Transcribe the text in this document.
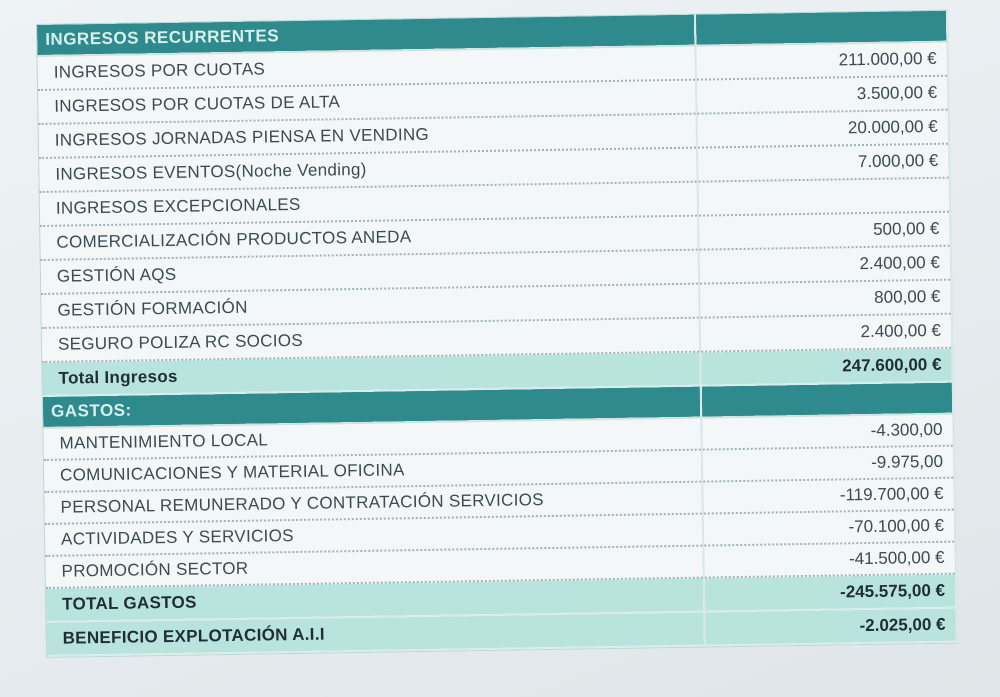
INGRESOS RECURRENTES	
INGRESOS POR CUOTAS	211.000,00 €
INGRESOS POR CUOTAS DE ALTA	3.500,00 €
INGRESOS JORNADAS PIENSA EN VENDING	20.000,00 €
INGRESOS EVENTOS(Noche Vending)	7.000,00 €
INGRESOS EXCEPCIONALES	
COMERCIALIZACIÓN PRODUCTOS ANEDA	500,00 €
GESTIÓN AQS	2.400,00 €
GESTIÓN FORMACIÓN	800,00 €
SEGURO POLIZA RC SOCIOS	2.400,00 €
Total Ingresos	247.600,00 €
GASTOS:	
MANTENIMIENTO LOCAL	-4.300,00
COMUNICACIONES Y MATERIAL OFICINA	-9.975,00
PERSONAL REMUNERADO Y CONTRATACIÓN SERVICIOS	-119.700,00 €
ACTIVIDADES Y SERVICIOS	-70.100,00 €
PROMOCIÓN SECTOR	-41.500,00 €
TOTAL GASTOS	-245.575,00 €
BENEFICIO EXPLOTACIÓN A.I.I	-2.025,00 €
